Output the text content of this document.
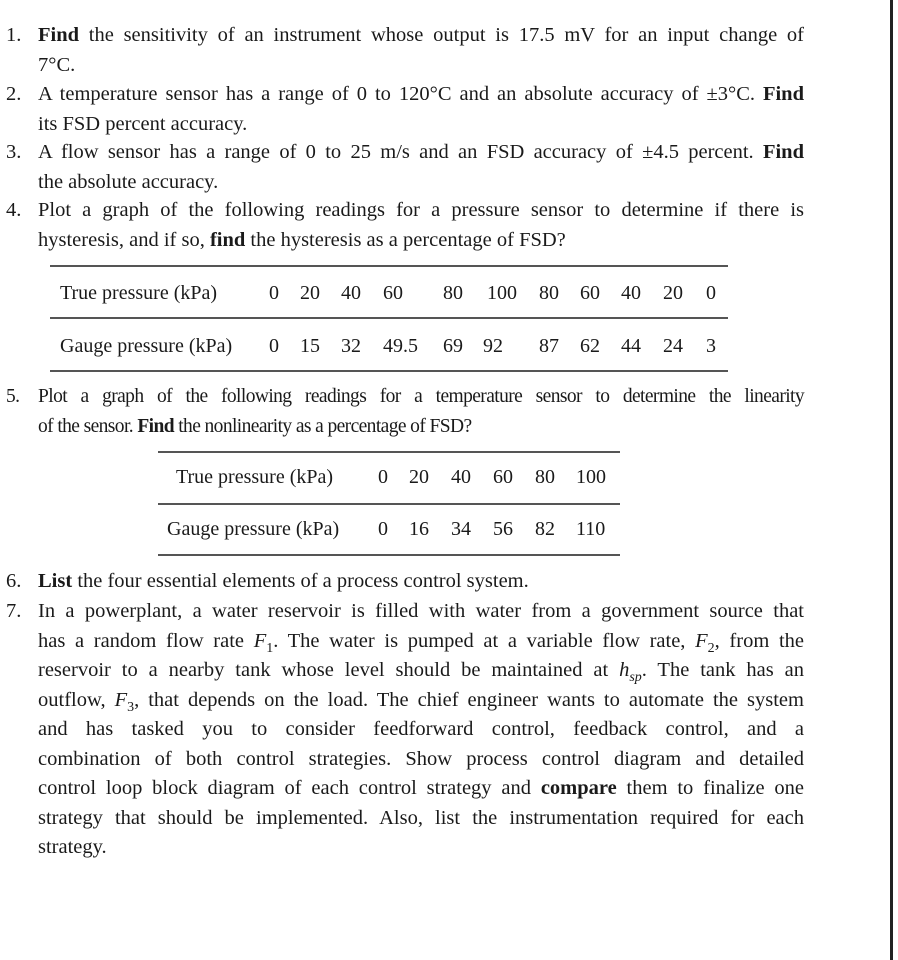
1. Find the sensitivity of an instrument whose output is 17.5 mV for an input change of
7°C.
2. A temperature sensor has a range of 0 to 120°C and an absolute accuracy of ±3°C. Find
its FSD percent accuracy.
3. A flow sensor has a range of 0 to 25 m/s and an FSD accuracy of ±4.5 percent. Find
the absolute accuracy.
4. Plot a graph of the following readings for a pressure sensor to determine if there is
hysteresis, and if so, find the hysteresis as a percentage of FSD?
True pressure (kPa)	0 20 40 60 80 100 80 60 40 20 0
Gauge pressure (kPa) 0 15 32 49.5 69 92 87 62 44 24 3
5. Plot a graph of the following readings for a temperature sensor to determine the linearity
of the sensor. Find the nonlinearity as a percentage of FSD?
True pressure (kPa) 0 20 40 60 80 100
Gauge pressure (kPa) 0 16 34 56 82 110
6. List the four essential elements of a process control system.
7. In a powerplant, a water reservoir is filled with water from a government source that
has a random flow rate $F_1$. The water is pumped at a variable flow rate, $F_2$, from the
reservoir to a nearby tank whose level should be maintained at $h_{sp}$. The tank has an
outflow, $F_3$, that depends on the load. The chief engineer wants to automate the system
and has tasked you to consider feedforward control, feedback control, and a
combination of both control strategies. Show process control diagram and detailed
control loop block diagram of each control strategy and compare them to finalize one
strategy that should be implemented. Also, list the instrumentation required for each
strategy.
